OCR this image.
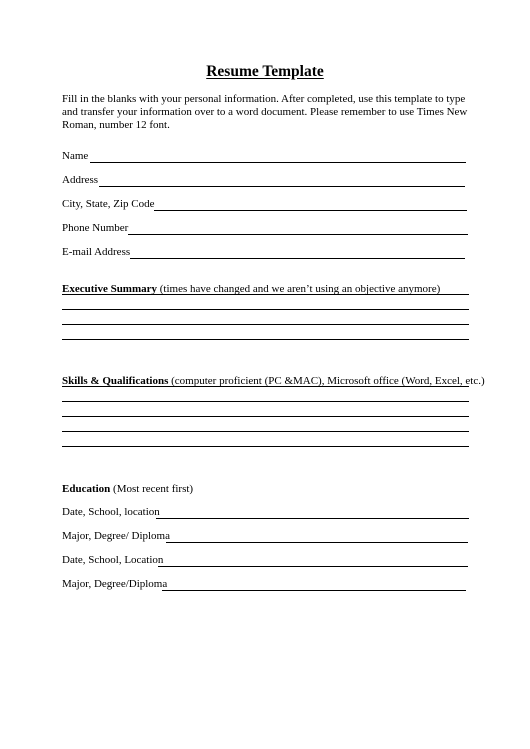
Resume Template
Fill in the blanks with your personal information. After completed, use this template to type and transfer your information over to a word document. Please remember to use Times New Roman, number 12 font.
Name
Address
City, State, Zip Code
Phone Number
E-mail Address
Executive Summary (times have changed and we aren’t using an objective anymore)
Skills & Qualifications (computer proficient (PC &MAC), Microsoft office (Word, Excel, etc.)
Education (Most recent first)
Date, School, location
Major, Degree/ Diploma
Date, School, Location
Major, Degree/Diploma
